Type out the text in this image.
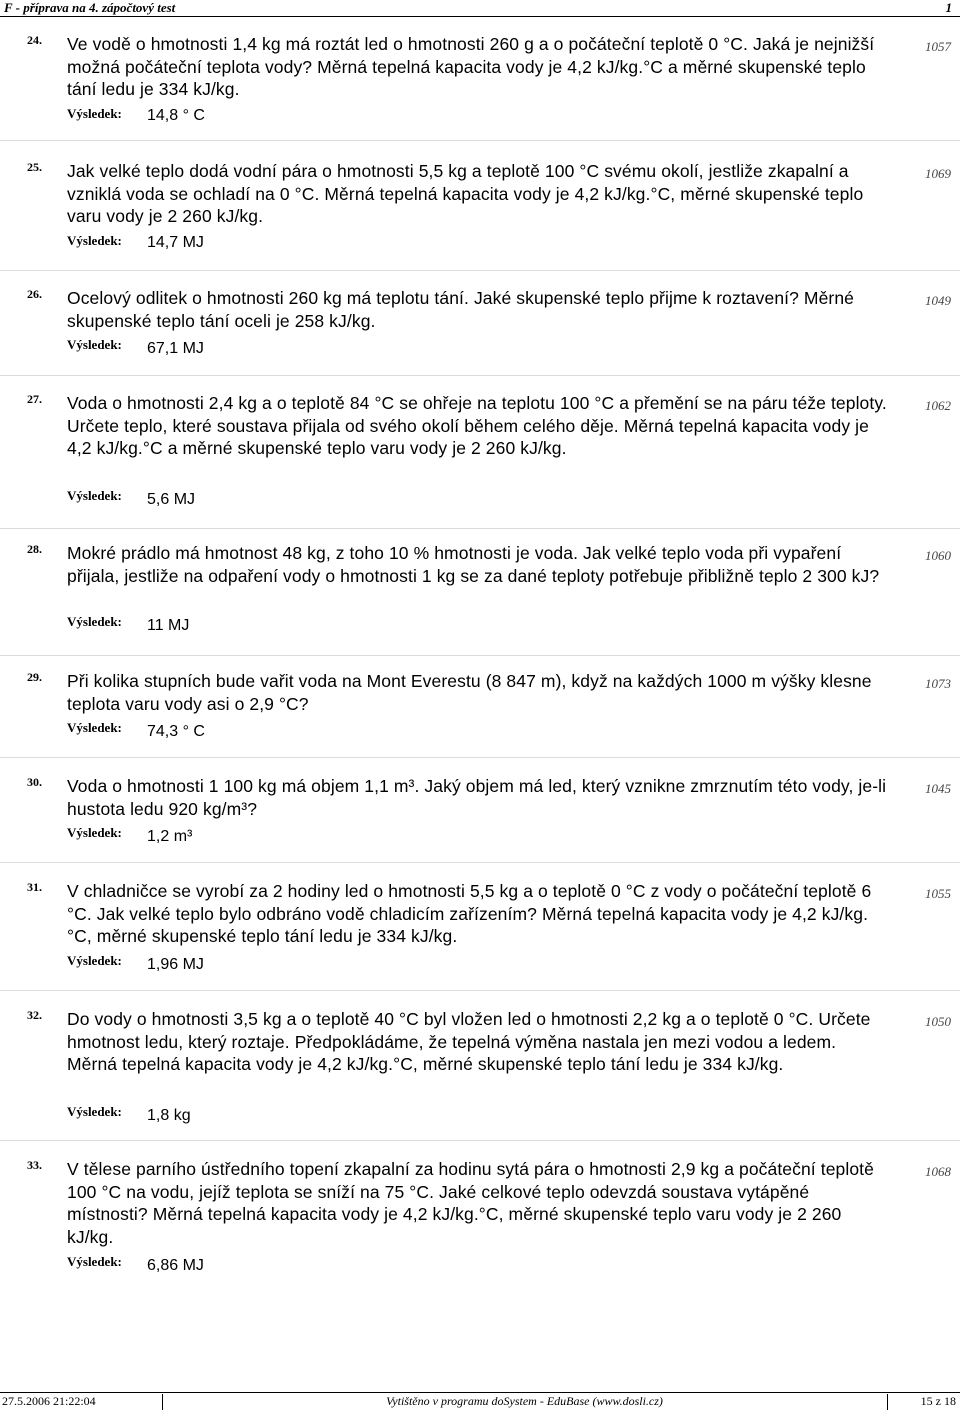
F - příprava na 4. zápočtový test	1
24. Ve vodě o hmotnosti 1,4 kg má roztát led o hmotnosti 260 g a o počáteční teplotě 0 °C. Jaká je nejnižší možná počáteční teplota vody? Měrná tepelná kapacita vody je 4,2 kJ/kg.°C a měrné skupenské teplo tání ledu je 334 kJ/kg.
Výsledek: 14,8 ° C
1057
25. Jak velké teplo dodá vodní pára o hmotnosti 5,5 kg a teplotě 100 °C svému okolí, jestliže zkapalní a vzniklá voda se ochladí na 0 °C. Měrná tepelná kapacita vody je 4,2 kJ/kg.°C, měrné skupenské teplo varu vody je 2 260 kJ/kg.
Výsledek: 14,7 MJ
1069
26. Ocelový odlitek o hmotnosti 260 kg má teplotu tání. Jaké skupenské teplo přijme k roztavení? Měrné skupenské teplo tání oceli je 258 kJ/kg.
Výsledek: 67,1 MJ
1049
27. Voda o hmotnosti 2,4 kg a o teplotě 84 °C se ohřeje na teplotu 100 °C a přemění se na páru téže teploty. Určete teplo, které soustava přijala od svého okolí během celého děje. Měrná tepelná kapacita vody je 4,2 kJ/kg.°C a měrné skupenské teplo varu vody je 2 260 kJ/kg.
Výsledek: 5,6 MJ
1062
28. Mokré prádlo má hmotnost 48 kg, z toho 10 % hmotnosti je voda. Jak velké teplo voda při vypaření přijala, jestliže na odpaření vody o hmotnosti 1 kg se za dané teploty potřebuje přibližně teplo 2 300 kJ?
Výsledek: 11 MJ
1060
29. Při kolika stupních bude vařit voda na Mont Everestu (8 847 m), když na každých 1000 m výšky klesne teplota varu vody asi o 2,9 °C?
Výsledek: 74,3 ° C
1073
30. Voda o hmotnosti 1 100 kg má objem 1,1 m³. Jaký objem má led, který vznikne zmrznutím této vody, je-li hustota ledu 920 kg/m³?
Výsledek: 1,2 m³
1045
31. V chladničce se vyrobí za 2 hodiny led o hmotnosti 5,5 kg a o teplotě 0 °C z vody o počáteční teplotě 6 °C. Jak velké teplo bylo odbráno vodě chladicím zařízením? Měrná tepelná kapacita vody je 4,2 kJ/kg.°C, měrné skupenské teplo tání ledu je 334 kJ/kg.
Výsledek: 1,96 MJ
1055
32. Do vody o hmotnosti 3,5 kg a o teplotě 40 °C byl vložen led o hmotnosti 2,2 kg a o teplotě 0 °C. Určete hmotnost ledu, který roztaje. Předpokládáme, že tepelná výměna nastala jen mezi vodou a ledem. Měrná tepelná kapacita vody je 4,2 kJ/kg.°C, měrné skupenské teplo tání ledu je 334 kJ/kg.
Výsledek: 1,8 kg
1050
33. V tělese parního ústředního topení zkapalní za hodinu sytá pára o hmotnosti 2,9 kg a počáteční teplotě 100 °C na vodu, jejíž teplota se sníží na 75 °C. Jaké celkové teplo odevzdá soustava vytápěné místnosti? Měrná tepelná kapacita vody je 4,2 kJ/kg.°C, měrné skupenské teplo varu vody je 2 260 kJ/kg.
Výsledek: 6,86 MJ
1068
27.5.2006 21:22:04	Vytištěno v programu doSystem - EduBase (www.dosli.cz)	15 z 18
